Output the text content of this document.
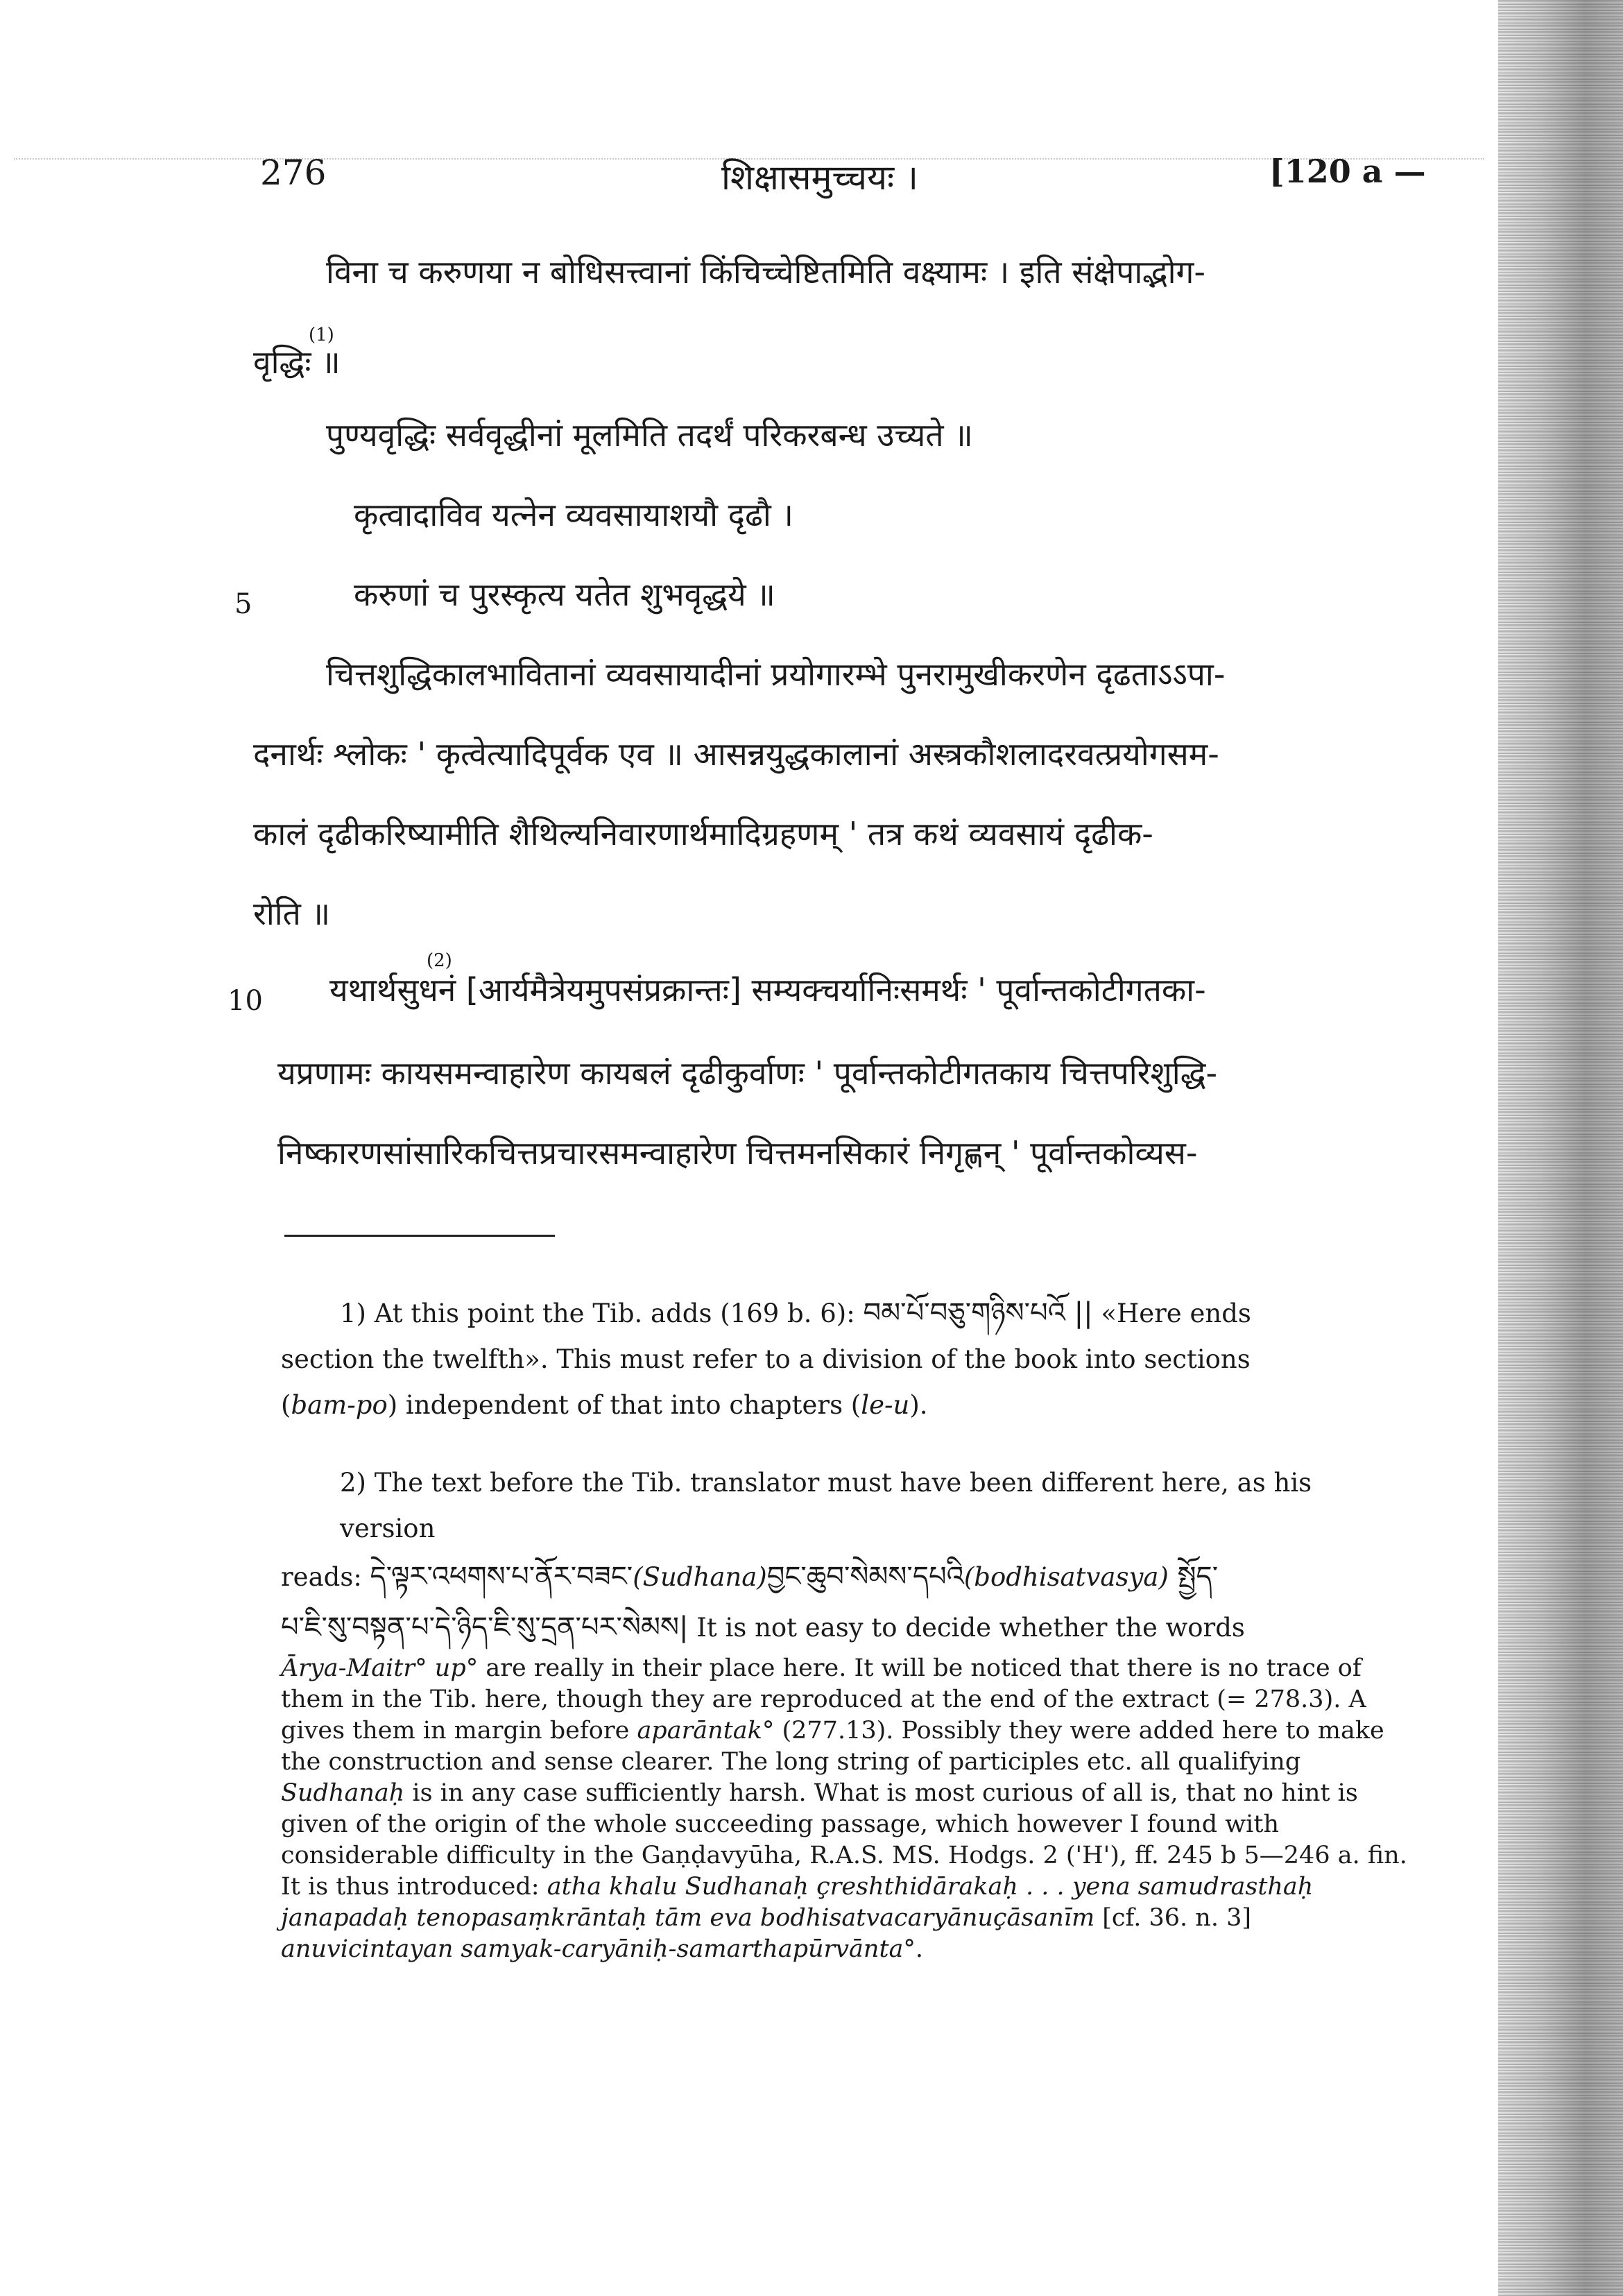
276	शिक्षासमुच्चयः ।	[120 a —
विना च करुणया न बोधिसत्त्वानां किंचिच्चेष्टितमिति वक्ष्यामः । इति संक्षेपाद्भोग-
(1)
वृद्धिः ॥
पुण्यवृद्धिः सर्ववृद्धीनां मूलमिति तदर्थं परिकरबन्ध उच्यते ॥
कृत्वादाविव यत्नेन व्यवसायाशयौ दृढौ ।
5	करुणां च पुरस्कृत्य यतेत शुभवृद्धये ॥
चित्तशुद्धिकालभावितानां व्यवसायादीनां प्रयोगारम्भे पुनरामुखीकरणेन दृढताऽऽपा-
दनार्थः श्लोकः ' कृत्वेत्यादिपूर्वक एव ॥ आसन्नयुद्धकालानां अस्त्रकौशलादरवत्प्रयोगसम-
कालं दृढीकरिष्यामीति शैथिल्यनिवारणार्थमादिग्रहणम् ' तत्र कथं व्यवसायं दृढीक-
रोति ॥
(2)
10 यथार्थसुधनं [आर्यमैत्रेयमुपसंप्रक्रान्तः] सम्यक्चर्यानिःसमर्थः ' पूर्वान्तकोटीगतका-
यप्रणामः कायसमन्वाहारेण कायबलं दृढीकुर्वाणः ' पूर्वान्तकोटीगतकाय चित्तपरिशुद्धि-
निष्कारणसांसारिकचित्तप्रचारसमन्वाहारेण चित्तमनसिकारं निगृह्णन् ' पूर्वान्तकोव्यस-
1) At this point the Tib. adds (169 b. 6): བམ་པོ་བཅུ་གཉིས་པའོ || «Here ends
section the twelfth». This must refer to a division of the book into sections
(bam-po) independent of that into chapters (le-u).
2) The text before the Tib. translator must have been different here, as his version
reads: དེ་ལྟར་འཕགས་པ་ནོར་བཟང་(Sudhana)བྱང་ཆུབ་སེམས་དཔའི(bodhisatvasya) སྤྱོད་
པ་ཇི་སུ་བསྟན་པ་དེ་ཉིད་ཇི་སུ་དྲན་པར་སེམས| It is not easy to decide whether the words
Ārya-Maitr° up° are really in their place here. It will be noticed that there is no trace of them in the Tib. here, though they are reproduced at the end of the extract (= 278.3). A gives them in margin before aparāntak° (277.13). Possibly they were added here to make the construction and sense clearer. The long string of participles etc. all qualifying Sudhanaḥ is in any case sufficiently harsh. What is most curious of all is, that no hint is given of the origin of the whole succeeding passage, which however I found with considerable difficulty in the Gaṇḍavyūha, R.A.S. MS. Hodgs. 2 ('H'), ff. 245 b 5—246 a. fin. It is thus introduced: atha khalu Sudhanaḥ çreshthidārakaḥ . . . yena samudrasthaḥ janapadaḥ tenopasaṃkrāntaḥ tām eva bodhisatvacaryānuçāsanīm [cf. 36. n. 3] anuvicintayan samyak-caryāniḥ-samarthapūrvānta°.
